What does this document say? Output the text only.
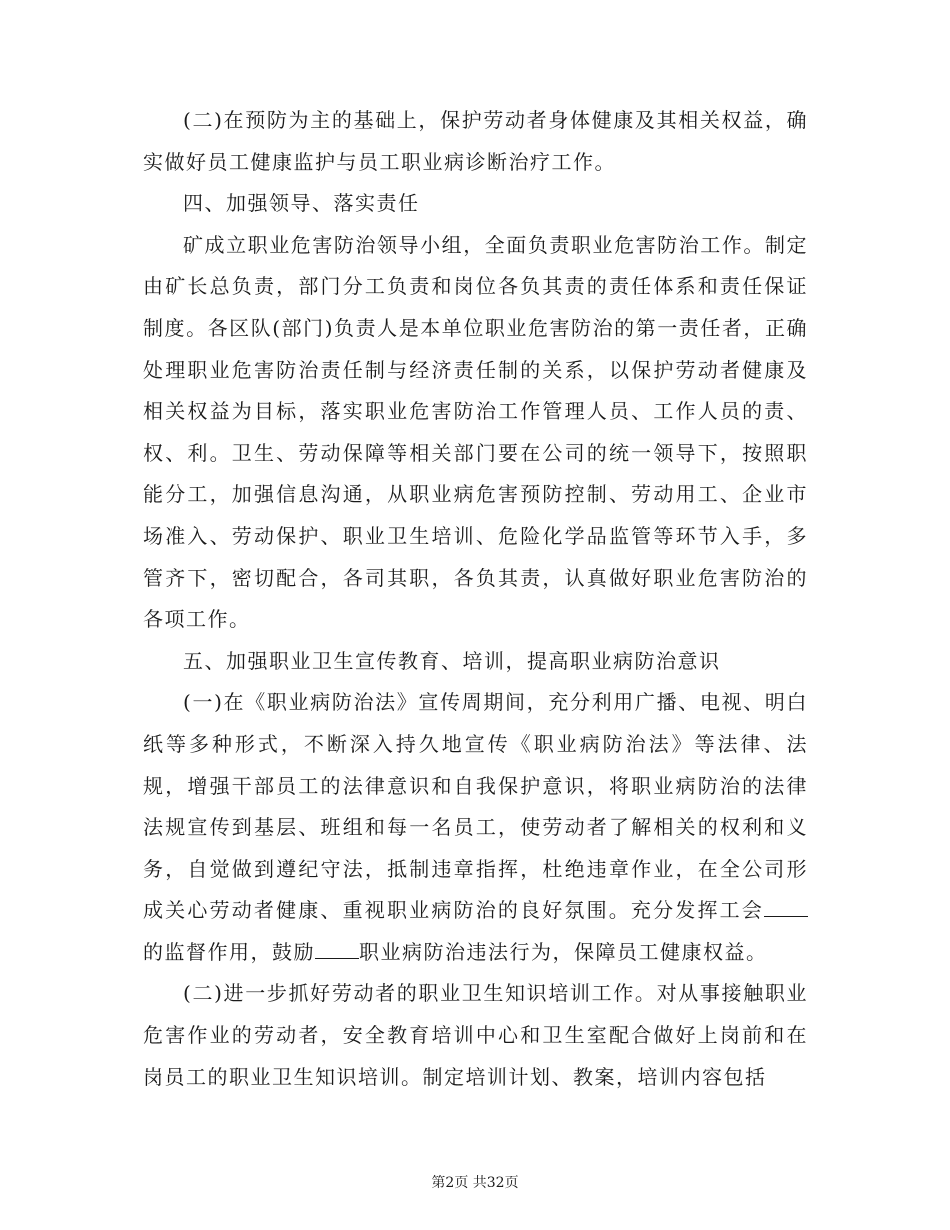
(二)在预防为主的基础上，保护劳动者身体健康及其相关权益，确实做好员工健康监护与员工职业病诊断治疗工作。

四、加强领导、落实责任

矿成立职业危害防治领导小组，全面负责职业危害防治工作。制定由矿长总负责，部门分工负责和岗位各负其责的责任体系和责任保证制度。各区队(部门)负责人是本单位职业危害防治的第一责任者，正确处理职业危害防治责任制与经济责任制的关系，以保护劳动者健康及相关权益为目标，落实职业危害防治工作管理人员、工作人员的责、权、利。卫生、劳动保障等相关部门要在公司的统一领导下，按照职能分工，加强信息沟通，从职业病危害预防控制、劳动用工、企业市场准入、劳动保护、职业卫生培训、危险化学品监管等环节入手，多管齐下，密切配合，各司其职，各负其责，认真做好职业危害防治的各项工作。

五、加强职业卫生宣传教育、培训，提高职业病防治意识

(一)在《职业病防治法》宣传周期间，充分利用广播、电视、明白纸等多种形式，不断深入持久地宣传《职业病防治法》等法律、法规，增强干部员工的法律意识和自我保护意识，将职业病防治的法律法规宣传到基层、班组和每一名员工，使劳动者了解相关的权利和义务，自觉做到遵纪守法，抵制违章指挥，杜绝违章作业，在全公司形成关心劳动者健康、重视职业病防治的良好氛围。充分发挥工会的监督作用，鼓励 职业病防治违法行为，保障员工健康权益。

(二)进一步抓好劳动者的职业卫生知识培训工作。对从事接触职业危害作业的劳动者，安全教育培训中心和卫生室配合做好上岗前和在岗员工的职业卫生知识培训。制定培训计划、教案，培训内容包括

第2页 共32页
